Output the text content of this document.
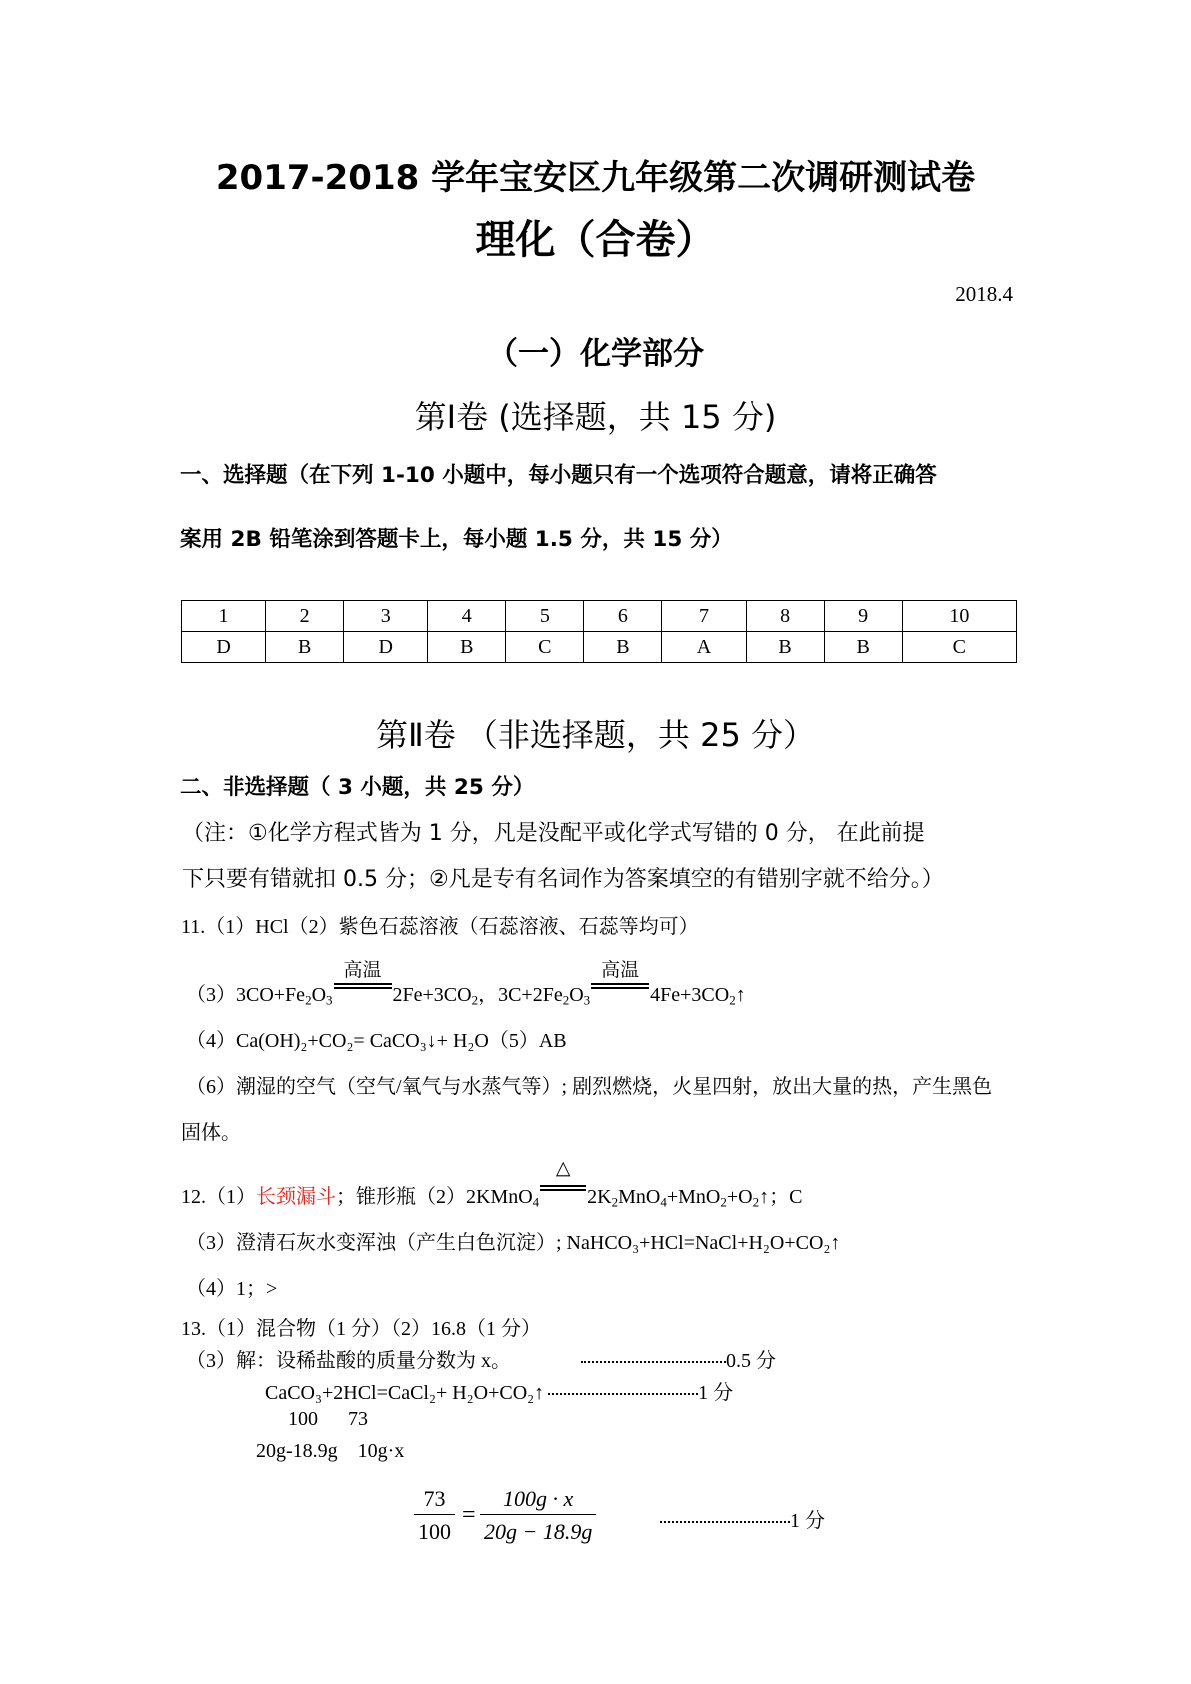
2017-2018 学年宝安区九年级第二次调研测试卷
理化（合卷）
2018.4
（一）化学部分
第Ⅰ卷 (选择题，共 15 分)
一、选择题（在下列 1-10 小题中，每小题只有一个选项符合题意，请将正确答
案用 2B 铅笔涂到答题卡上，每小题 1.5 分，共 15 分）
1	2	3	4	5	6	7	8	9	10
D	B	D	B	C	B	A	B	B	C
第Ⅱ卷 （非选择题，共 25 分）
二、非选择题（ 3 小题，共 25 分）
（注：①化学方程式皆为 1 分，凡是没配平或化学式写错的 0 分， 在此前提
下只要有错就扣 0.5 分；②凡是专有名词作为答案填空的有错别字就不给分。）
11.（1）HCl（2）紫色石蕊溶液（石蕊溶液、石蕊等均可）
$(3)3CO+Fe_2O_3$
高温
$2Fe+3CO_2$，$3C+2Fe_2O_3$
高温
$4Fe+3CO_2↑$
（4）Ca(OH)₂+CO₂= CaCO₃↓+ H₂O（5）AB
（6）潮湿的空气（空气/氧气与水蒸气等）; 剧烈燃烧，火星四射，放出大量的热，产生黑色
固体。
12.（1）长颈漏斗；锥形瓶（2）2KMnO$_4$
△
$2K_2MnO_4+MnO_2+O_2↑$；C
（3）澄清石灰水变浑浊（产生白色沉淀）; NaHCO₃+HCl=NaCl+H₂O+CO₂↑
（4）1；>
13.（1）混合物（1 分）（2）16.8（1 分）
（3）解：设稀盐酸的质量分数为 x。	0.5 分
CaCO₃+2HCl=CaCl₂+ H₂O+CO₂↑	1 分
100      73
20g-18.9g    10g·x
$\frac{73}{100} = \frac{100g \cdot x}{20g - 18.9g}$	1 分
